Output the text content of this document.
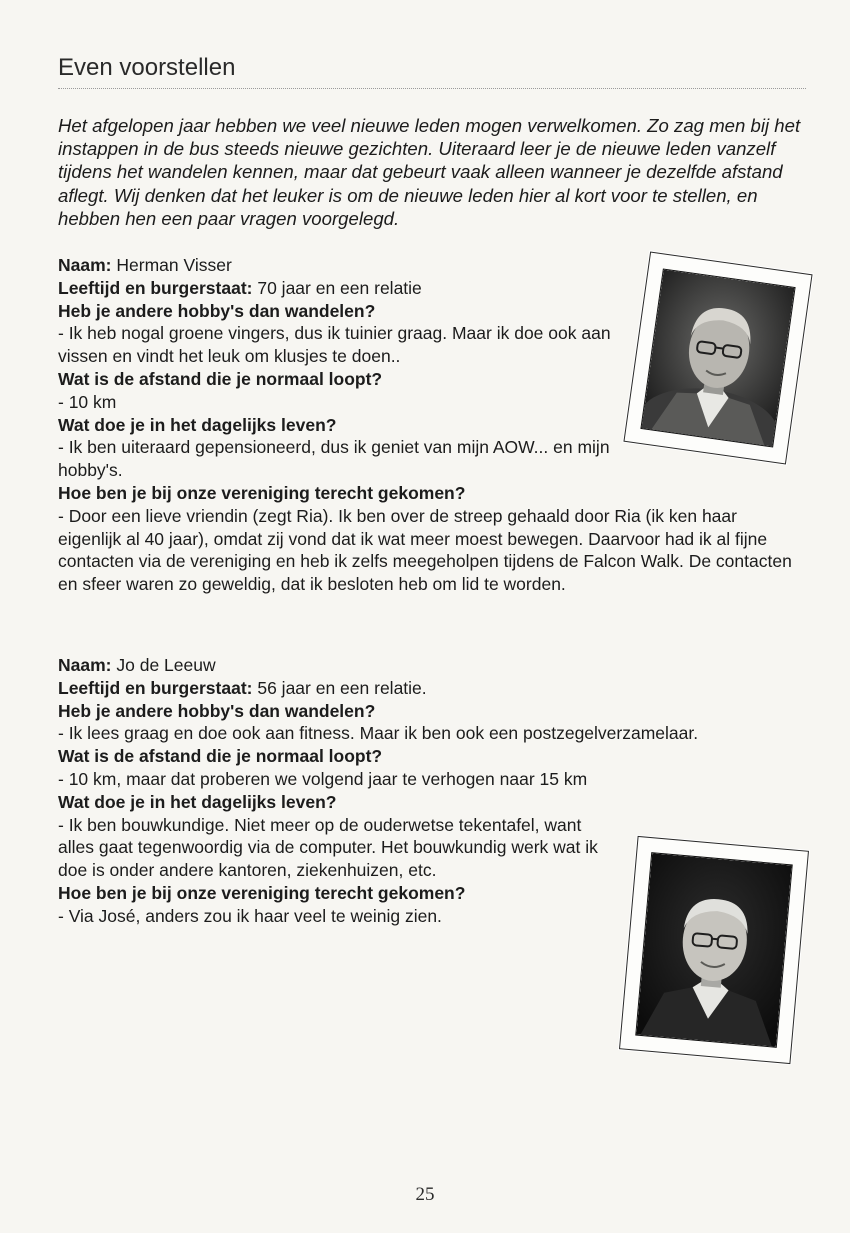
Even voorstellen

Het afgelopen jaar hebben we veel nieuwe leden mogen verwelkomen. Zo zag men bij het instappen in de bus steeds nieuwe gezichten. Uiteraard leer je de nieuwe leden vanzelf tijdens het wandelen kennen, maar dat gebeurt vaak alleen wanneer je dezelfde afstand aflegt. Wij denken dat het leuker is om de nieuwe leden hier al kort voor te stellen, en hebben hen een paar vragen voorgelegd.

Naam: Herman Visser
Leeftijd en burgerstaat: 70 jaar en een relatie
Heb je andere hobby's dan wandelen?
- Ik heb nogal groene vingers, dus ik tuinier graag. Maar ik doe ook aan vissen en vindt het leuk om klusjes te doen..
Wat is de afstand die je normaal loopt?
- 10 km
Wat doe je in het dagelijks leven?
- Ik ben uiteraard gepensioneerd, dus ik geniet van mijn AOW... en mijn hobby's.
Hoe ben je bij onze vereniging terecht gekomen?
- Door een lieve vriendin (zegt Ria). Ik ben over de streep gehaald door Ria (ik ken haar eigenlijk al 40 jaar), omdat zij vond dat ik wat meer moest bewegen. Daarvoor had ik al fijne contacten via de vereniging en heb ik zelfs meegeholpen tijdens de Falcon Walk. De contacten en sfeer waren zo geweldig, dat ik besloten heb om lid te worden.
Naam: Jo de Leeuw
Leeftijd en burgerstaat: 56 jaar en een relatie.
Heb je andere hobby's dan wandelen?
- Ik lees graag en doe ook aan fitness. Maar ik ben ook een postzegelverzamelaar.
Wat is de afstand die je normaal loopt?
- 10 km, maar dat proberen we volgend jaar te verhogen naar 15 km
Wat doe je in het dagelijks leven?
- Ik ben bouwkundige. Niet meer op de ouderwetse tekentafel, want alles gaat tegenwoordig via de computer. Het bouwkundig werk wat ik doe is onder andere kantoren, ziekenhuizen, etc.
Hoe ben je bij onze vereniging terecht gekomen?
- Via José, anders zou ik haar veel te weinig zien.
25
